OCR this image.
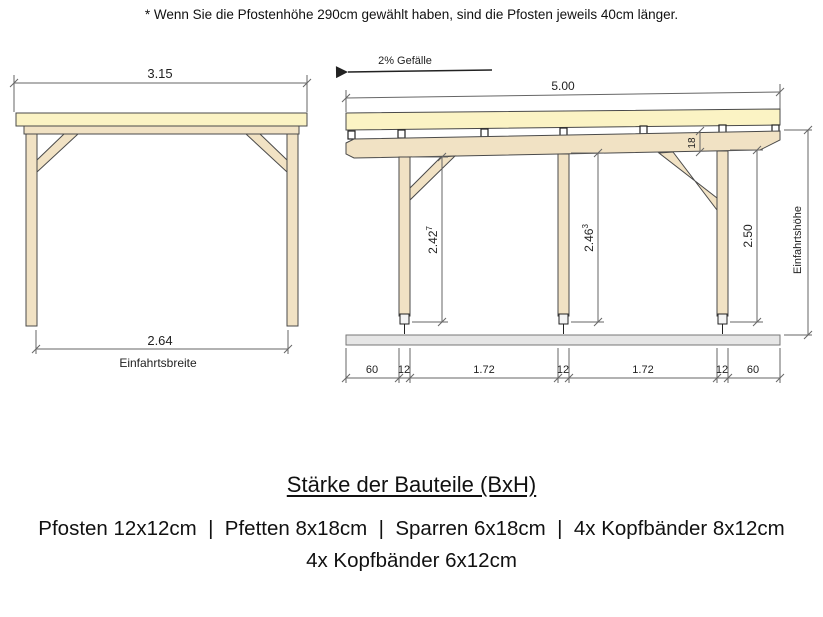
* Wenn Sie die Pfostenhöhe 290cm gewählt haben, sind die Pfosten jeweils 40cm länger.
3.15
2.64
Einfahrtsbreite
2% Gefälle
5.00
2.42$^7$
2.46$^3$	2.50
18
Einfahrtshöhe
60 12	1.72	12	1.72	12 60
Stärke der Bauteile (BxH)
Pfosten 12x12cm  |  Pfetten 8x18cm  |  Sparren 6x18cm  |  4x Kopfbänder 8x12cm
4x Kopfbänder 6x12cm
